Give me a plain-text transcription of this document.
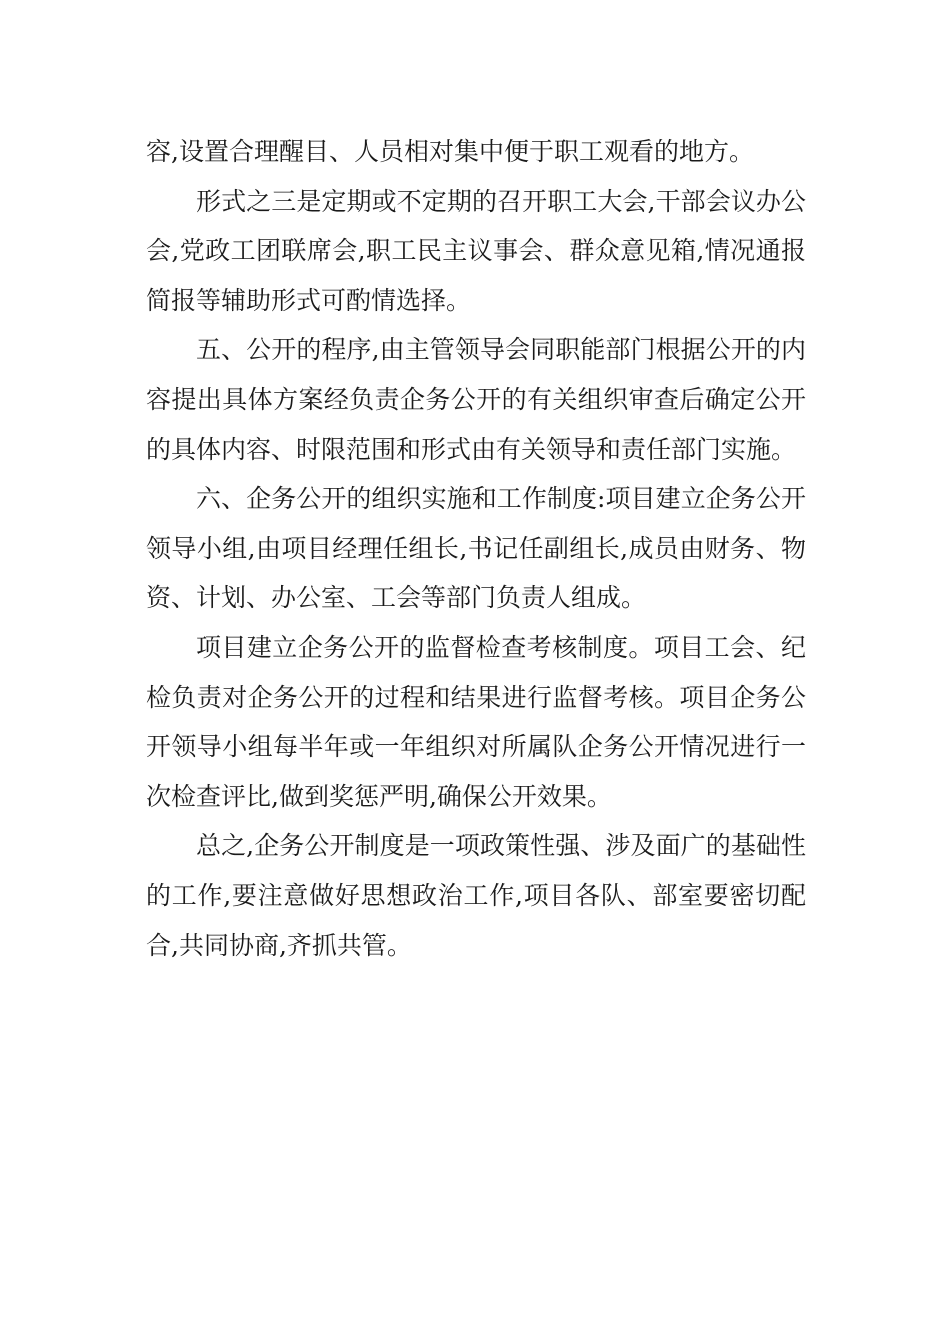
容,设置合理醒目、人员相对集中便于职工观看的地方。

形式之三是定期或不定期的召开职工大会,干部会议办公会,党政工团联席会,职工民主议事会、群众意见箱,情况通报简报等辅助形式可酌情选择。

五、公开的程序,由主管领导会同职能部门根据公开的内容提出具体方案经负责企务公开的有关组织审查后确定公开的具体内容、时限范围和形式由有关领导和责任部门实施。

六、企务公开的组织实施和工作制度:项目建立企务公开领导小组,由项目经理任组长,书记任副组长,成员由财务、物资、计划、办公室、工会等部门负责人组成。

项目建立企务公开的监督检查考核制度。项目工会、纪检负责对企务公开的过程和结果进行监督考核。项目企务公开领导小组每半年或一年组织对所属队企务公开情况进行一次检查评比,做到奖惩严明,确保公开效果。

总之,企务公开制度是一项政策性强、涉及面广的基础性的工作,要注意做好思想政治工作,项目各队、部室要密切配合,共同协商,齐抓共管。
